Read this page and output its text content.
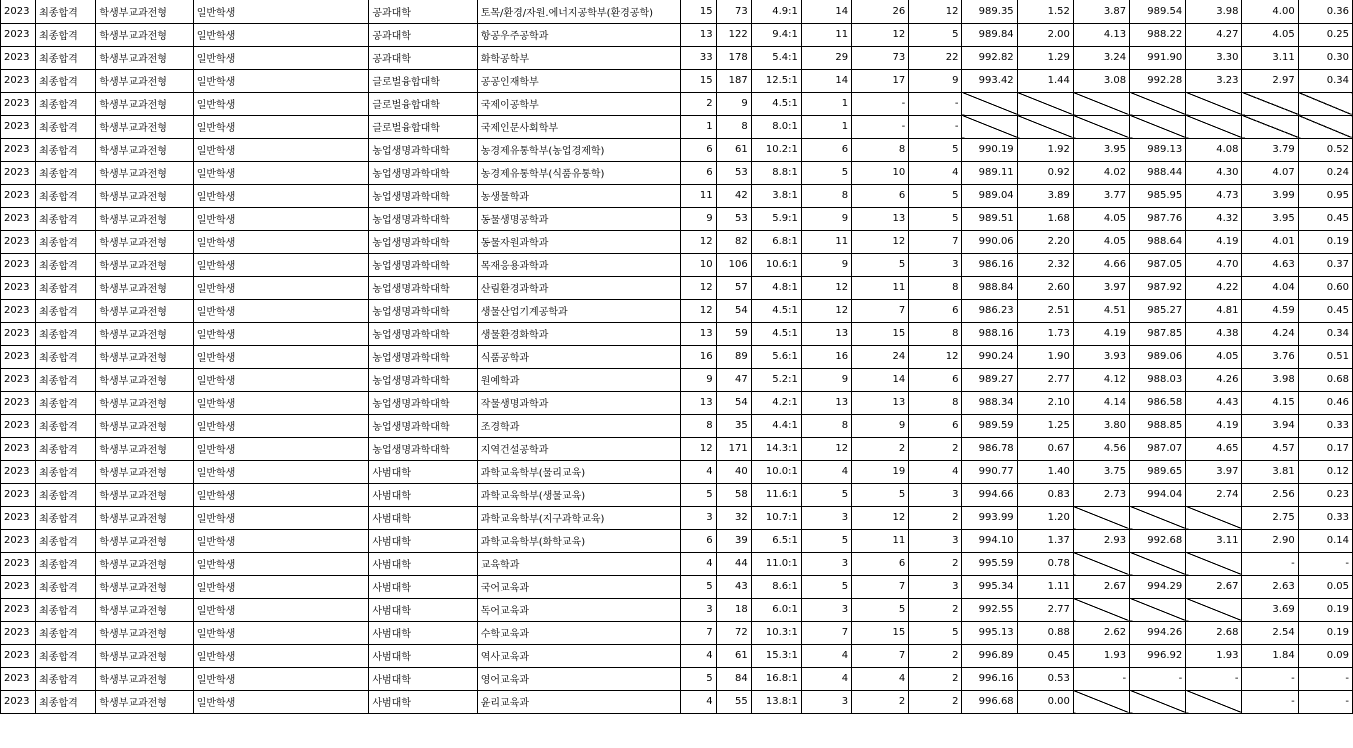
2023	최종합격	학생부교과전형	일반학생	공과대학	토목/환경/자원.에너지공학부(환경공학)	15	73	4.9:1	14	26	12	989.35	1.52	3.87	989.54	3.98	4.00	0.36
2023	최종합격	학생부교과전형	일반학생	공과대학	항공우주공학과	13	122	9.4:1	11	12	5	989.84	2.00	4.13	988.22	4.27	4.05	0.25
2023	최종합격	학생부교과전형	일반학생	공과대학	화학공학부	33	178	5.4:1	29	73	22	992.82	1.29	3.24	991.90	3.30	3.11	0.30
2023	최종합격	학생부교과전형	일반학생	글로벌융합대학	공공인재학부	15	187	12.5:1	14	17	9	993.42	1.44	3.08	992.28	3.23	2.97	0.34
2023	최종합격	학생부교과전형	일반학생	글로벌융합대학	국제이공학부	2	9	4.5:1	1	-	-							
2023	최종합격	학생부교과전형	일반학생	글로벌융합대학	국제인문사회학부	1	8	8.0:1	1	-	-							
2023	최종합격	학생부교과전형	일반학생	농업생명과학대학	농경제유통학부(농업경제학)	6	61	10.2:1	6	8	5	990.19	1.92	3.95	989.13	4.08	3.79	0.52
2023	최종합격	학생부교과전형	일반학생	농업생명과학대학	농경제유통학부(식품유통학)	6	53	8.8:1	5	10	4	989.11	0.92	4.02	988.44	4.30	4.07	0.24
2023	최종합격	학생부교과전형	일반학생	농업생명과학대학	농생물학과	11	42	3.8:1	8	6	5	989.04	3.89	3.77	985.95	4.73	3.99	0.95
2023	최종합격	학생부교과전형	일반학생	농업생명과학대학	동물생명공학과	9	53	5.9:1	9	13	5	989.51	1.68	4.05	987.76	4.32	3.95	0.45
2023	최종합격	학생부교과전형	일반학생	농업생명과학대학	동물자원과학과	12	82	6.8:1	11	12	7	990.06	2.20	4.05	988.64	4.19	4.01	0.19
2023	최종합격	학생부교과전형	일반학생	농업생명과학대학	목재응용과학과	10	106	10.6:1	9	5	3	986.16	2.32	4.66	987.05	4.70	4.63	0.37
2023	최종합격	학생부교과전형	일반학생	농업생명과학대학	산림환경과학과	12	57	4.8:1	12	11	8	988.84	2.60	3.97	987.92	4.22	4.04	0.60
2023	최종합격	학생부교과전형	일반학생	농업생명과학대학	생물산업기계공학과	12	54	4.5:1	12	7	6	986.23	2.51	4.51	985.27	4.81	4.59	0.45
2023	최종합격	학생부교과전형	일반학생	농업생명과학대학	생물환경화학과	13	59	4.5:1	13	15	8	988.16	1.73	4.19	987.85	4.38	4.24	0.34
2023	최종합격	학생부교과전형	일반학생	농업생명과학대학	식품공학과	16	89	5.6:1	16	24	12	990.24	1.90	3.93	989.06	4.05	3.76	0.51
2023	최종합격	학생부교과전형	일반학생	농업생명과학대학	원예학과	9	47	5.2:1	9	14	6	989.27	2.77	4.12	988.03	4.26	3.98	0.68
2023	최종합격	학생부교과전형	일반학생	농업생명과학대학	작물생명과학과	13	54	4.2:1	13	13	8	988.34	2.10	4.14	986.58	4.43	4.15	0.46
2023	최종합격	학생부교과전형	일반학생	농업생명과학대학	조경학과	8	35	4.4:1	8	9	6	989.59	1.25	3.80	988.85	4.19	3.94	0.33
2023	최종합격	학생부교과전형	일반학생	농업생명과학대학	지역건설공학과	12	171	14.3:1	12	2	2	986.78	0.67	4.56	987.07	4.65	4.57	0.17
2023	최종합격	학생부교과전형	일반학생	사범대학	과학교육학부(물리교육)	4	40	10.0:1	4	19	4	990.77	1.40	3.75	989.65	3.97	3.81	0.12
2023	최종합격	학생부교과전형	일반학생	사범대학	과학교육학부(생물교육)	5	58	11.6:1	5	5	3	994.66	0.83	2.73	994.04	2.74	2.56	0.23
2023	최종합격	학생부교과전형	일반학생	사범대학	과학교육학부(지구과학교육)	3	32	10.7:1	3	12	2	993.99	1.20				2.75	0.33
2023	최종합격	학생부교과전형	일반학생	사범대학	과학교육학부(화학교육)	6	39	6.5:1	5	11	3	994.10	1.37	2.93	992.68	3.11	2.90	0.14
2023	최종합격	학생부교과전형	일반학생	사범대학	교육학과	4	44	11.0:1	3	6	2	995.59	0.78				-	-
2023	최종합격	학생부교과전형	일반학생	사범대학	국어교육과	5	43	8.6:1	5	7	3	995.34	1.11	2.67	994.29	2.67	2.63	0.05
2023	최종합격	학생부교과전형	일반학생	사범대학	독어교육과	3	18	6.0:1	3	5	2	992.55	2.77				3.69	0.19
2023	최종합격	학생부교과전형	일반학생	사범대학	수학교육과	7	72	10.3:1	7	15	5	995.13	0.88	2.62	994.26	2.68	2.54	0.19
2023	최종합격	학생부교과전형	일반학생	사범대학	역사교육과	4	61	15.3:1	4	7	2	996.89	0.45	1.93	996.92	1.93	1.84	0.09
2023	최종합격	학생부교과전형	일반학생	사범대학	영어교육과	5	84	16.8:1	4	4	2	996.16	0.53	-	-	-	-	-
2023	최종합격	학생부교과전형	일반학생	사범대학	윤리교육과	4	55	13.8:1	3	2	2	996.68	0.00				-	-
